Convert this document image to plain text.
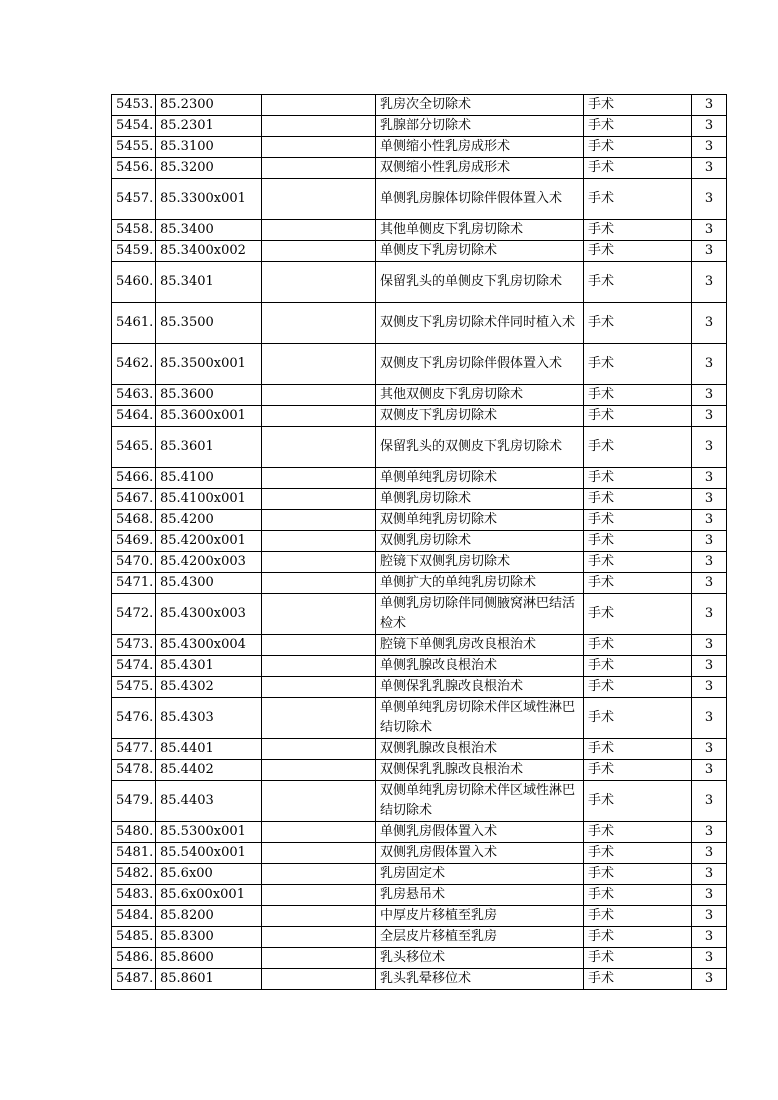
5453.	85.2300		乳房次全切除术	手术	3
5454.	85.2301		乳腺部分切除术	手术	3
5455.	85.3100		单侧缩小性乳房成形术	手术	3
5456.	85.3200		双侧缩小性乳房成形术	手术	3
5457.	85.3300x001		单侧乳房腺体切除伴假体置入术	手术	3
5458.	85.3400		其他单侧皮下乳房切除术	手术	3
5459.	85.3400x002		单侧皮下乳房切除术	手术	3
5460.	85.3401		保留乳头的单侧皮下乳房切除术	手术	3
5461.	85.3500		双侧皮下乳房切除术伴同时植入术	手术	3
5462.	85.3500x001		双侧皮下乳房切除伴假体置入术	手术	3
5463.	85.3600		其他双侧皮下乳房切除术	手术	3
5464.	85.3600x001		双侧皮下乳房切除术	手术	3
5465.	85.3601		保留乳头的双侧皮下乳房切除术	手术	3
5466.	85.4100		单侧单纯乳房切除术	手术	3
5467.	85.4100x001		单侧乳房切除术	手术	3
5468.	85.4200		双侧单纯乳房切除术	手术	3
5469.	85.4200x001		双侧乳房切除术	手术	3
5470.	85.4200x003		腔镜下双侧乳房切除术	手术	3
5471.	85.4300		单侧扩大的单纯乳房切除术	手术	3
5472.	85.4300x003		单侧乳房切除伴同侧腋窝淋巴结活检术	手术	3
5473.	85.4300x004		腔镜下单侧乳房改良根治术	手术	3
5474.	85.4301		单侧乳腺改良根治术	手术	3
5475.	85.4302		单侧保乳乳腺改良根治术	手术	3
5476.	85.4303		单侧单纯乳房切除术伴区域性淋巴结切除术	手术	3
5477.	85.4401		双侧乳腺改良根治术	手术	3
5478.	85.4402		双侧保乳乳腺改良根治术	手术	3
5479.	85.4403		双侧单纯乳房切除术伴区域性淋巴结切除术	手术	3
5480.	85.5300x001		单侧乳房假体置入术	手术	3
5481.	85.5400x001		双侧乳房假体置入术	手术	3
5482.	85.6x00		乳房固定术	手术	3
5483.	85.6x00x001		乳房悬吊术	手术	3
5484.	85.8200		中厚皮片移植至乳房	手术	3
5485.	85.8300		全层皮片移植至乳房	手术	3
5486.	85.8600		乳头移位术	手术	3
5487.	85.8601		乳头乳晕移位术	手术	3
